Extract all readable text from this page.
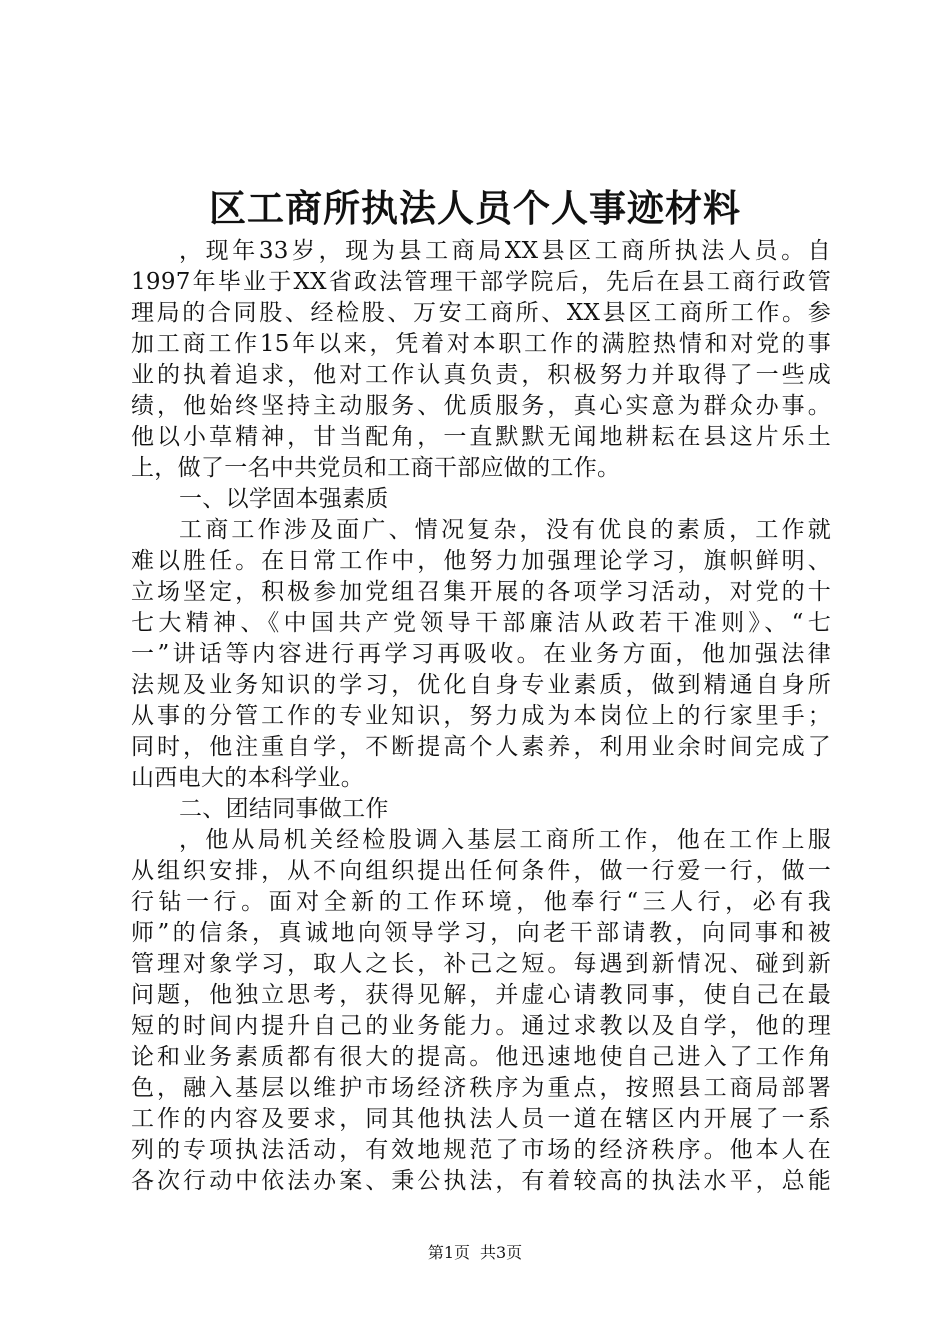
区工商所执法人员个人事迹材料
，现年33岁，现为县工商局XX县区工商所执法人员。自
1997年毕业于XX省政法管理干部学院后，先后在县工商行政管
理局的合同股、经检股、万安工商所、XX县区工商所工作。参
加工商工作15年以来，凭着对本职工作的满腔热情和对党的事
业的执着追求，他对工作认真负责，积极努力并取得了一些成
绩，他始终坚持主动服务、优质服务，真心实意为群众办事。
他以小草精神，甘当配角，一直默默无闻地耕耘在县这片乐土
上，做了一名中共党员和工商干部应做的工作。
一、以学固本强素质
工商工作涉及面广、情况复杂，没有优良的素质，工作就
难以胜任。在日常工作中，他努力加强理论学习，旗帜鲜明、
立场坚定，积极参加党组召集开展的各项学习活动，对党的十
七大精神、《中国共产党领导干部廉洁从政若干准则》、“七
一”讲话等内容进行再学习再吸收。在业务方面，他加强法律
法规及业务知识的学习，优化自身专业素质，做到精通自身所
从事的分管工作的专业知识，努力成为本岗位上的行家里手；
同时，他注重自学，不断提高个人素养，利用业余时间完成了
山西电大的本科学业。
二、团结同事做工作
，他从局机关经检股调入基层工商所工作，他在工作上服
从组织安排，从不向组织提出任何条件，做一行爱一行，做一
行钻一行。面对全新的工作环境，他奉行“三人行，必有我
师”的信条，真诚地向领导学习，向老干部请教，向同事和被
管理对象学习，取人之长，补己之短。每遇到新情况、碰到新
问题，他独立思考，获得见解，并虚心请教同事，使自己在最
短的时间内提升自己的业务能力。通过求教以及自学，他的理
论和业务素质都有很大的提高。他迅速地使自己进入了工作角
色，融入基层以维护市场经济秩序为重点，按照县工商局部署
工作的内容及要求，同其他执法人员一道在辖区内开展了一系
列的专项执法活动，有效地规范了市场的经济秩序。他本人在
各次行动中依法办案、秉公执法，有着较高的执法水平，总能
第1页 共3页
